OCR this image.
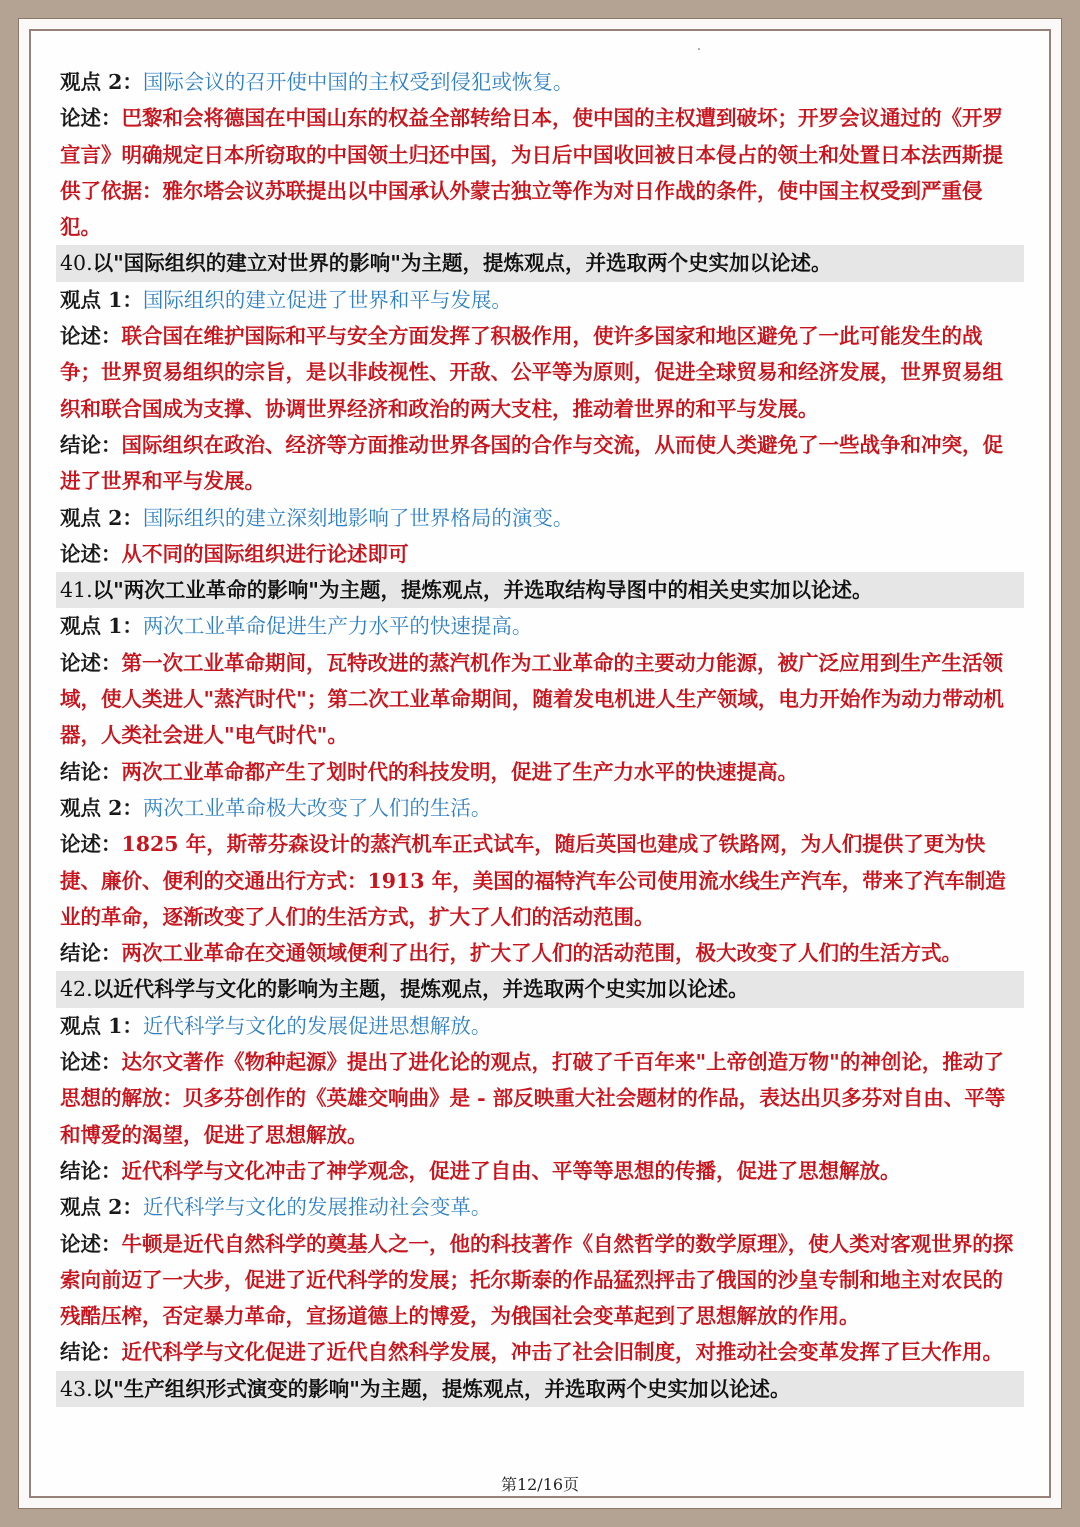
观点 2：国际会议的召开使中国的主权受到侵犯或恢复。
论述：巴黎和会将德国在中国山东的权益全部转给日本，使中国的主权遭到破坏；开罗会议通过的《开罗宣言》明确规定日本所窃取的中国领土归还中国，为日后中国收回被日本侵占的领土和处置日本法西斯提供了依据：雅尔塔会议苏联提出以中国承认外蒙古独立等作为对日作战的条件，使中国主权受到严重侵犯。
40.以"国际组织的建立对世界的影响"为主题，提炼观点，并选取两个史实加以论述。
观点 1：国际组织的建立促进了世界和平与发展。
论述：联合国在维护国际和平与安全方面发挥了积极作用，使许多国家和地区避免了一此可能发生的战争；世界贸易组织的宗旨，是以非歧视性、开敌、公平等为原则，促进全球贸易和经济发展，世界贸易组织和联合国成为支撑、协调世界经济和政治的两大支柱，推动着世界的和平与发展。
结论：国际组织在政治、经济等方面推动世界各国的合作与交流，从而使人类避免了一些战争和冲突，促进了世界和平与发展。
观点 2：国际组织的建立深刻地影响了世界格局的演变。
论述：从不同的国际组织进行论述即可
41.以"两次工业革命的影响"为主题，提炼观点，并选取结构导图中的相关史实加以论述。
观点 1：两次工业革命促进生产力水平的快速提高。
论述：第一次工业革命期间，瓦特改进的蒸汽机作为工业革命的主要动力能源，被广泛应用到生产生活领域，使人类进人"蒸汽时代"；第二次工业革命期间，随着发电机进人生产领域，电力开始作为动力带动机器，人类社会进人"电气时代"。
结论：两次工业革命都产生了划时代的科技发明，促进了生产力水平的快速提高。
观点 2：两次工业革命极大改变了人们的生活。
论述：1825 年，斯蒂芬森设计的蒸汽机车正式试车，随后英国也建成了铁路网，为人们提供了更为快捷、廉价、便利的交通出行方式：1913 年，美国的福特汽车公司使用流水线生产汽车，带来了汽车制造业的革命，逐渐改变了人们的生活方式，扩大了人们的活动范围。
结论：两次工业革命在交通领域便利了出行，扩大了人们的活动范围，极大改变了人们的生活方式。
42.以近代科学与文化的影响为主题，提炼观点，并选取两个史实加以论述。
观点 1：近代科学与文化的发展促进思想解放。
论述：达尔文著作《物种起源》提出了进化论的观点，打破了千百年来"上帝创造万物"的神创论，推动了思想的解放：贝多芬创作的《英雄交响曲》是 - 部反映重大社会题材的作品，表达出贝多芬对自由、平等和博爱的渴望，促进了思想解放。
结论：近代科学与文化冲击了神学观念，促进了自由、平等等思想的传播，促进了思想解放。
观点 2：近代科学与文化的发展推动社会变革。
论述：牛顿是近代自然科学的奠基人之一，他的科技著作《自然哲学的数学原理》，使人类对客观世界的探索向前迈了一大步，促进了近代科学的发展；托尔斯泰的作品猛烈抨击了俄国的沙皇专制和地主对农民的残酷压榨，否定暴力革命，宣扬道德上的博爱，为俄国社会变革起到了思想解放的作用。
结论：近代科学与文化促进了近代自然科学发展，冲击了社会旧制度，对推动社会变革发挥了巨大作用。
43.以"生产组织形式演变的影响"为主题，提炼观点，并选取两个史实加以论述。
第12/16页
